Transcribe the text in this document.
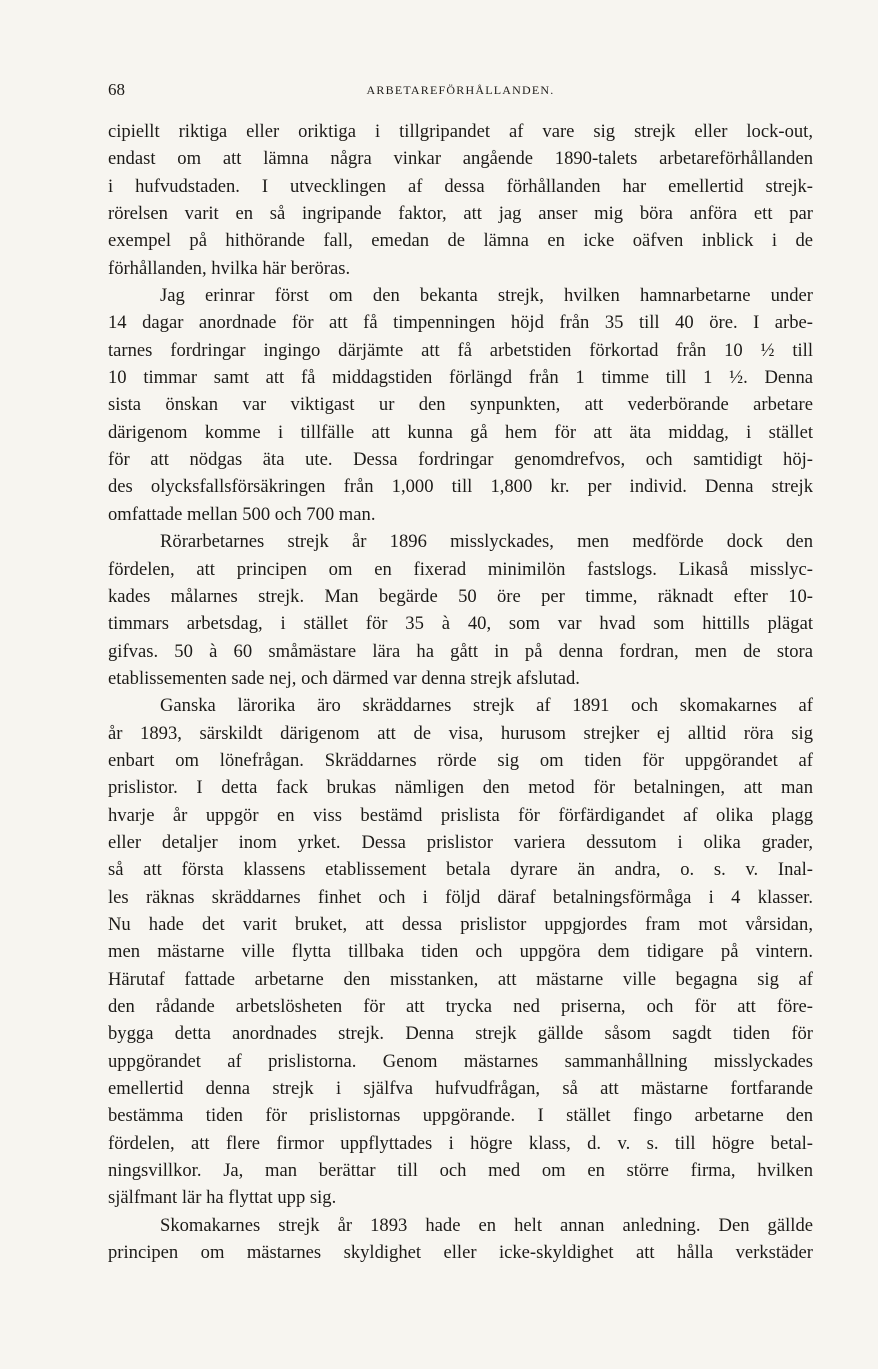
68	ARBETAREFÖRHÅLLANDEN.
cipiellt riktiga eller oriktiga i tillgripandet af vare sig strejk eller lock-out,
endast om att lämna några vinkar angående 1890-talets arbetareförhållanden
i hufvudstaden. I utvecklingen af dessa förhållanden har emellertid strejk-
rörelsen varit en så ingripande faktor, att jag anser mig böra anföra ett par
exempel på hithörande fall, emedan de lämna en icke oäfven inblick i de
förhållanden, hvilka här beröras.
Jag erinrar först om den bekanta strejk, hvilken hamnarbetarne under
14 dagar anordnade för att få timpenningen höjd från 35 till 40 öre. I arbe-
tarnes fordringar ingingo därjämte att få arbetstiden förkortad från 10 ½ till
10 timmar samt att få middagstiden förlängd från 1 timme till 1 ½. Denna
sista önskan var viktigast ur den synpunkten, att vederbörande arbetare
därigenom komme i tillfälle att kunna gå hem för att äta middag, i stället
för att nödgas äta ute. Dessa fordringar genomdrefvos, och samtidigt höj-
des olycksfallsförsäkringen från 1,000 till 1,800 kr. per individ. Denna strejk
omfattade mellan 500 och 700 man.
Rörarbetarnes strejk år 1896 misslyckades, men medförde dock den
fördelen, att principen om en fixerad minimilön fastslogs. Likaså misslyc-
kades målarnes strejk. Man begärde 50 öre per timme, räknadt efter 10-
timmars arbetsdag, i stället för 35 à 40, som var hvad som hittills plägat
gifvas. 50 à 60 småmästare lära ha gått in på denna fordran, men de stora
etablissementen sade nej, och därmed var denna strejk afslutad.
Ganska lärorika äro skräddarnes strejk af 1891 och skomakarnes af
år 1893, särskildt därigenom att de visa, hurusom strejker ej alltid röra sig
enbart om lönefrågan. Skräddarnes rörde sig om tiden för uppgörandet af
prislistor. I detta fack brukas nämligen den metod för betalningen, att man
hvarje år uppgör en viss bestämd prislista för förfärdigandet af olika plagg
eller detaljer inom yrket. Dessa prislistor variera dessutom i olika grader,
så att första klassens etablissement betala dyrare än andra, o. s. v. Inal-
les räknas skräddarnes finhet och i följd däraf betalningsförmåga i 4 klasser.
Nu hade det varit bruket, att dessa prislistor uppgjordes fram mot vårsidan,
men mästarne ville flytta tillbaka tiden och uppgöra dem tidigare på vintern.
Härutaf fattade arbetarne den misstanken, att mästarne ville begagna sig af
den rådande arbetslösheten för att trycka ned priserna, och för att före-
bygga detta anordnades strejk. Denna strejk gällde såsom sagdt tiden för
uppgörandet af prislistorna. Genom mästarnes sammanhållning misslyckades
emellertid denna strejk i själfva hufvudfrågan, så att mästarne fortfarande
bestämma tiden för prislistornas uppgörande. I stället fingo arbetarne den
fördelen, att flere firmor uppflyttades i högre klass, d. v. s. till högre betal-
ningsvillkor. Ja, man berättar till och med om en större firma, hvilken
själfmant lär ha flyttat upp sig.
Skomakarnes strejk år 1893 hade en helt annan anledning. Den gällde
principen om mästarnes skyldighet eller icke-skyldighet att hålla verkstäder
